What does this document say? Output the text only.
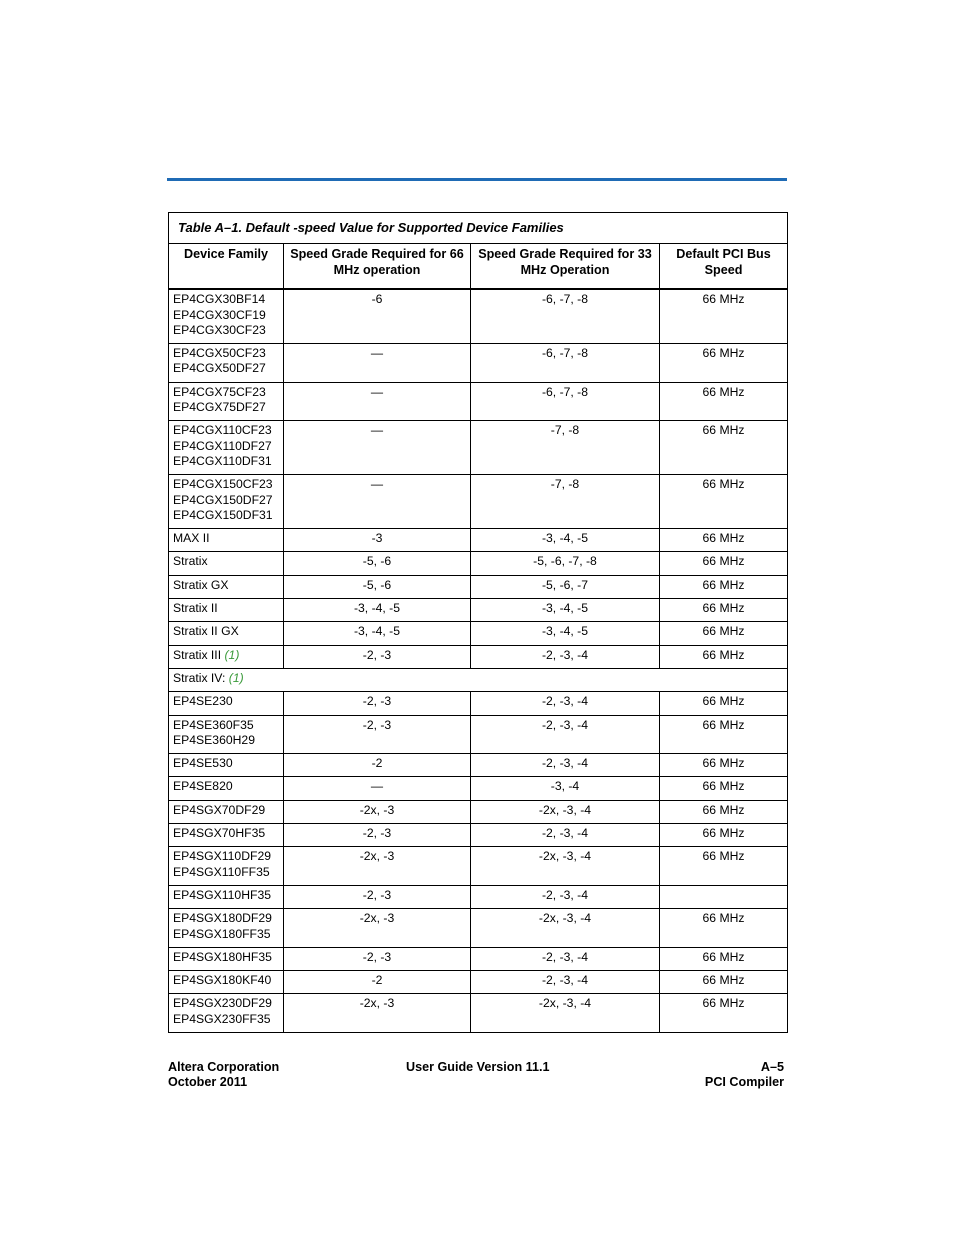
Table A–1. Default -speed Value for Supported Device Families			
Device Family	Speed Grade Required for 66 MHz operation	Speed Grade Required for 33 MHz Operation	Default PCI Bus Speed

EP4CGX30BF14
EP4CGX30CF19
EP4CGX30CF23	-6	-6, -7, -8	66 MHz

EP4CGX50CF23
EP4CGX50DF27	—	-6, -7, -8	66 MHz

EP4CGX75CF23
EP4CGX75DF27	—	-6, -7, -8	66 MHz

EP4CGX110CF23
EP4CGX110DF27
EP4CGX110DF31	—	-7, -8	66 MHz

EP4CGX150CF23
EP4CGX150DF27
EP4CGX150DF31	—	-7, -8	66 MHz

MAX II	-3	-3, -4, -5	66 MHz

Stratix	-5, -6	-5, -6, -7, -8	66 MHz

Stratix GX	-5, -6	-5, -6, -7	66 MHz

Stratix II	-3, -4, -5	-3, -4, -5	66 MHz

Stratix II GX	-3, -4, -5	-3, -4, -5	66 MHz

Stratix III (1)	-2, -3	-2, -3, -4	66 MHz
Stratix IV: (1)			

EP4SE230	-2, -3	-2, -3, -4	66 MHz

EP4SE360F35
EP4SE360H29	-2, -3	-2, -3, -4	66 MHz

EP4SE530	-2	-2, -3, -4	66 MHz

EP4SE820	—	-3, -4	66 MHz

EP4SGX70DF29	-2x, -3	-2x, -3, -4	66 MHz

EP4SGX70HF35	-2, -3	-2, -3, -4	66 MHz

EP4SGX110DF29
EP4SGX110FF35	-2x, -3	-2x, -3, -4	66 MHz

EP4SGX110HF35	-2, -3	-2, -3, -4	

EP4SGX180DF29
EP4SGX180FF35	-2x, -3	-2x, -3, -4	66 MHz

EP4SGX180HF35	-2, -3	-2, -3, -4	66 MHz

EP4SGX180KF40	-2	-2, -3, -4	66 MHz

EP4SGX230DF29
EP4SGX230FF35	-2x, -3	-2x, -3, -4	66 MHz
Altera Corporation
October 2011
User Guide Version 11.1	A–5
PCI Compiler
